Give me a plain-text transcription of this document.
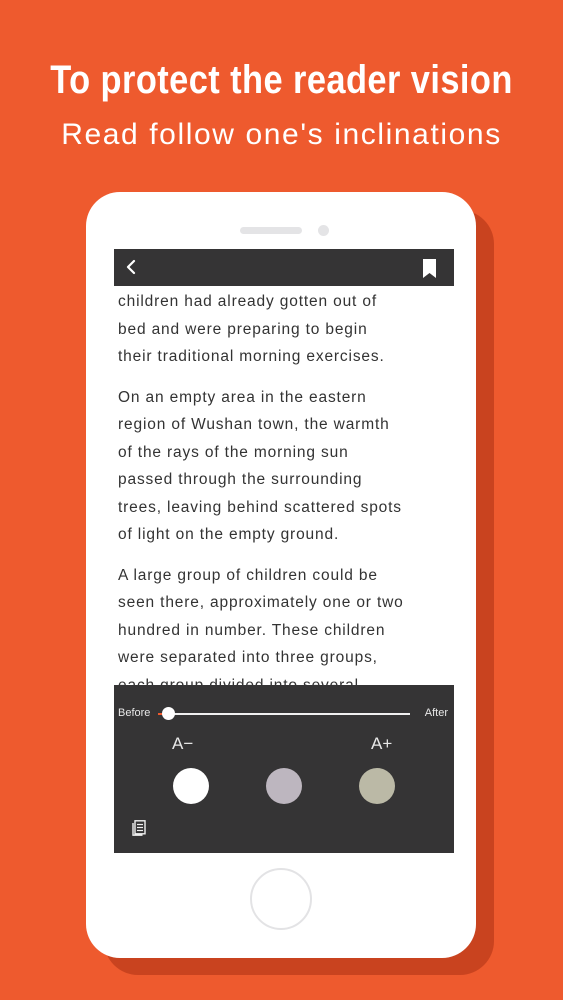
To protect the reader vision
Read follow one's inclinations

children had already gotten out of
bed and were preparing to begin
their traditional morning exercises.

On an empty area in the eastern
region of Wushan town, the warmth
of the rays of the morning sun
passed through the surrounding
trees, leaving behind scattered spots
of light on the empty ground.

A large group of children could be
seen there, approximately one or two
hundred in number. These children
were separated into three groups,

Before	After
A−	A+
